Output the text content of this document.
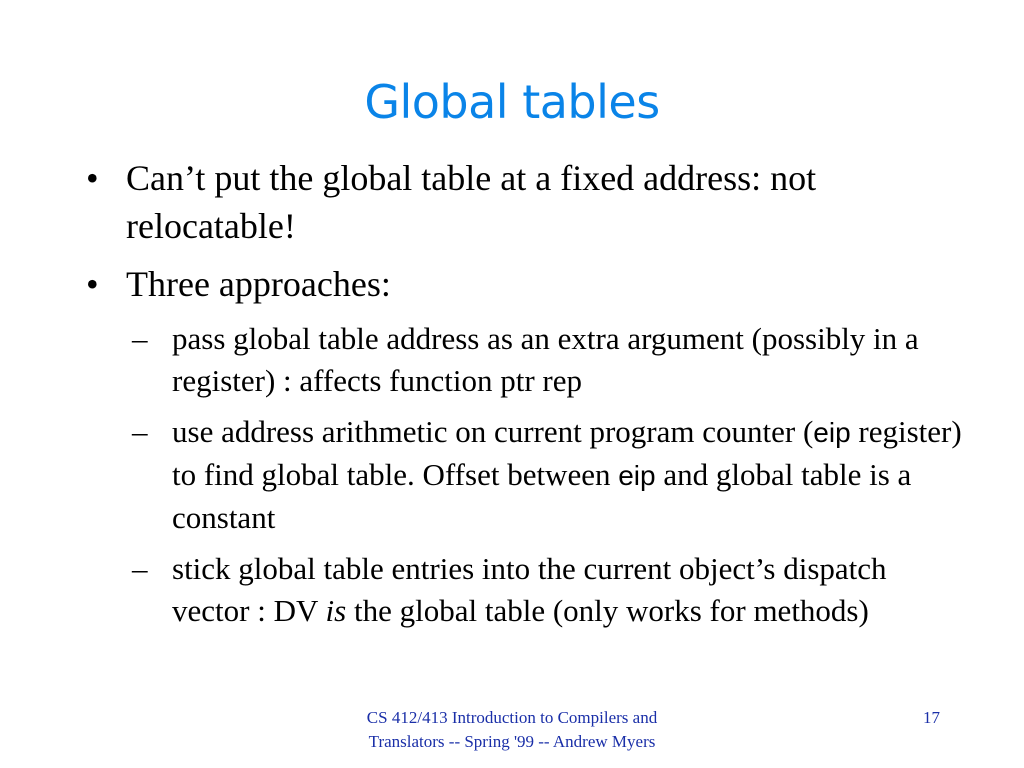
Global tables
• Can’t put the global table at a fixed address: not relocatable!
• Three approaches:
– pass global table address as an extra argument (possibly in a register) : affects function ptr rep
– use address arithmetic on current program counter (eip register) to find global table. Offset between eip and global table is a constant
– stick global table entries into the current object’s dispatch vector : DV is the global table (only works for methods)
CS 412/413 Introduction to Compilers and Translators -- Spring '99 -- Andrew Myers
17
